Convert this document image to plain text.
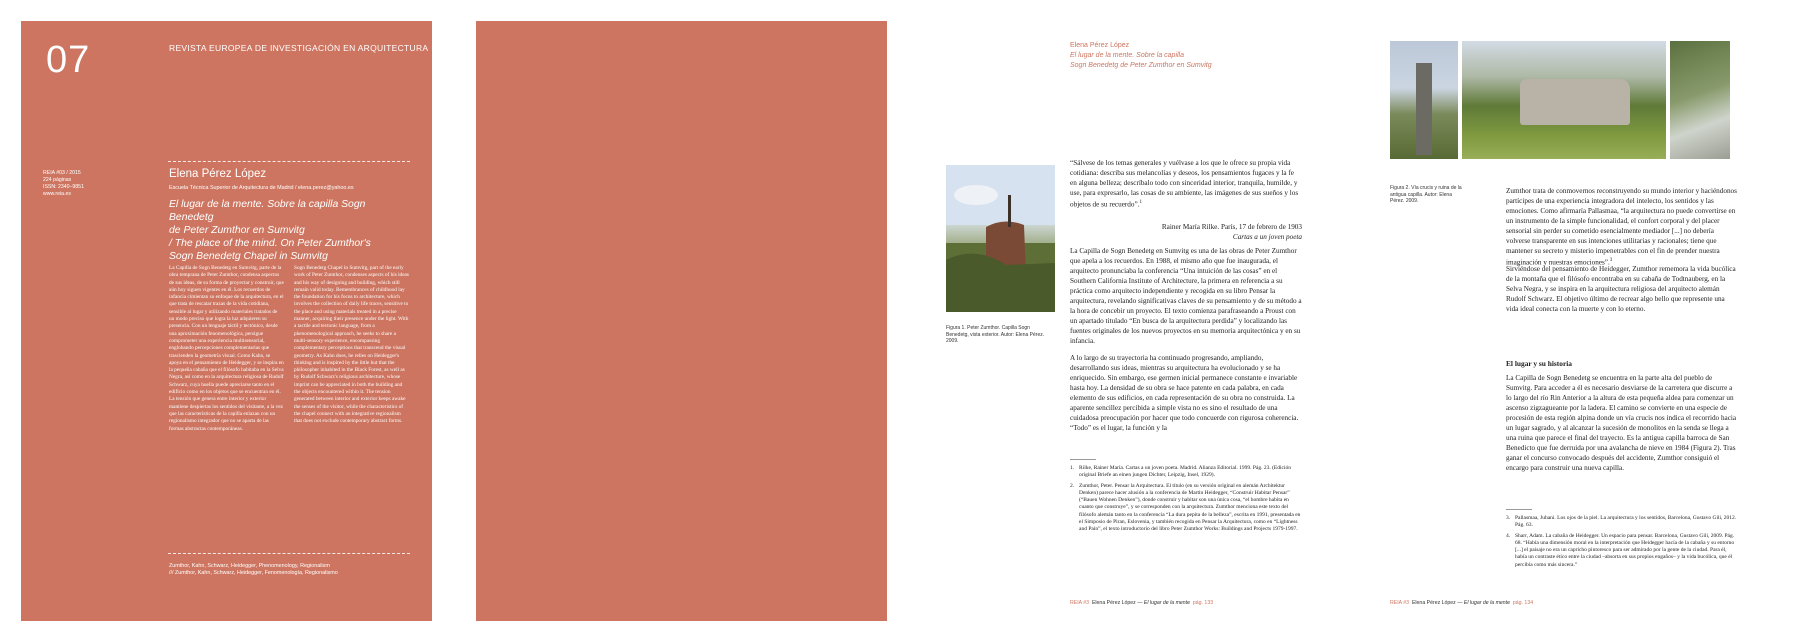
07	REVISTA EUROPEA DE INVESTIGACIÓN EN ARQUITECTURA
REIA #03 / 2015
224 páginas
ISSN: 2340–9851
www.reia.es
Elena Pérez López
Escuela Técnica Superior de Arquitectura de Madrid / elena.perez@yahoo.es
El lugar de la mente. Sobre la capilla Sogn Benedetg
de Peter Zumthor en Sumvitg
/ The place of the mind. On Peter Zumthor's
Sogn Benedetg Chapel in Sumvitg
La Capilla de Sogn Benedetg en Sumvitg, parte de la obra temprana de Peter Zumthor, condensa aspectos de sus ideas, de su forma de proyectar y construir, que aún hoy siguen vigentes en él. Los recuerdos de infancia cimientan su enfoque de la arquitectura, en el que trata de rescatar trazas de la vida cotidiana, sensible al lugar y utilizando materiales tratados de un modo preciso que logra la luz adquieren su presencia. Con un lenguaje táctil y tectónico, desde una aproximación fenomenológica, persigue comprometer una experiencia multisensorial, englobando percepciones complementarias que trascienden la geometría visual. Como Kahn, se apoya en el pensamiento de Heidegger, y se inspira en la pequeña cabaña que el filósofo habitaba en la Selva Negra, así como en la arquitectura religiosa de Rudolf Schwarz, cuya huella puede apreciarse tanto en el edificio como en los objetos que se encuentran en él. La tensión que genera entre interior y exterior mantiene despiertas los sentidos del visitante, a la vez que las características de la capilla enlazan con un regionalismo integrador que no se aparta de las formas abstractas contemporáneas.
Sogn Benedetg Chapel in Sumvitg, part of the early work of Peter Zumthor, condenses aspects of his ideas and his way of designing and building, which still remain valid today. Remembrances of childhood lay the foundation for his focus to architecture, which involves the collection of daily life traces, sensitive to the place and using materials treated in a precise manner, acquiring their presence under the light. With a tactile and tectonic language, from a phenomenological approach, he seeks to share a multi-sensory experience, encompassing complementary perceptions that transcend the visual geometry. As Kahn does, he relies on Heidegger's thinking and is inspired by the little hut that the philosopher inhabited in the Black Forest, as well as by Rudolf Schwarz's religious architecture, whose imprint can be appreciated in both the building and the objects encountered within it. The tension generated between interior and exterior keeps awake the senses of the visitor, while the characteristics of the chapel connect with an integrative regionalism that does not exclude contemporary abstract forms.
Zumthor, Kahn, Schwarz, Heidegger, Phenomenology, Regionalism
/// Zumthor, Kahn, Schwarz, Heidegger, Fenomenología, Regionalismo
Elena Pérez López
El lugar de la mente. Sobre la capilla
Sogn Benedetg de Peter Zumthor en Sumvitg
Figura 1. Peter Zumthor. Capilla Sogn Benedetg, vista exterior. Autor: Elena Pérez. 2009.
“Sálvese de los temas generales y vuélvase a los que le ofrece su propia vida cotidiana: describa sus melancolías y deseos, los pensamientos fugaces y la fe en alguna belleza; descríbalo todo con sinceridad interior, tranquila, humilde, y use, para expresarlo, las cosas de su ambiente, las imágenes de sus sueños y los objetos de su recuerdo”.$^1$
Rainer María Rilke. París, 17 de febrero de 1903
Cartas a un joven poeta
La Capilla de Sogn Benedetg en Sumvitg es una de las obras de Peter Zumthor que apela a los recuerdos. En 1988, el mismo año que fue inaugurada, el arquitecto pronunciaba la conferencia “Una intuición de las cosas” en el Southern California Institute of Architecture, la primera en referencia a su práctica como arquitecto independiente y recogida en su libro Pensar la arquitectura, revelando significativas claves de su pensamiento y de su método a la hora de concebir un proyecto. El texto comienza parafraseando a Proust con un apartado titulado “En busca de la arquitectura perdida” y localizando las fuentes originales de los nuevos proyectos en su memoria arquitectónica y en su infancia.
A lo largo de su trayectoria ha continuado progresando, ampliando, desarrollando sus ideas, mientras su arquitectura ha evolucionado y se ha enriquecido. Sin embargo, ese germen inicial permanece constante e invariable hasta hoy. La densidad de su obra se hace patente en cada palabra, en cada elemento de sus edificios, en cada representación de su obra no construida. La aparente sencillez percibida a simple vista no es sino el resultado de una cuidadosa preocupación por hacer que todo concuerde con rigurosa coherencia. “Todo” es el lugar, la función y la
1. Rilke, Rainer María. Cartas a un joven poeta. Madrid. Alianza Editorial. 1999. Pág. 23. (Edición original Briefe an einen jungen Dichter, Leipzig, Insel, 1929).
2. Zumthor, Peter. Pensar la Arquitectura. El título (en su versión original en alemán Architektur Denken) parece hacer alusión a la conferencia de Martin Heidegger, “Construir Habitar Pensar” (“Bauen Wohnen Denken”), donde construir y habitar son una única cosa, “el hombre habita en cuanto que construye”, y se corresponden con la arquitectura. Zumthor menciona este texto del filósofo alemán tanto en la conferencia “La dura pepita de la belleza”, escrita en 1991, presentada en el Simposio de Piran, Eslovenia, y también recogida en Pensar la Arquitectura, como en “Lightness and Pain”, el texto introductorio del libro Peter Zumthor Works: Buildings and Projects 1979-1997.
REIA #3 Elena Pérez López — El lugar de la mente pág. 133
Figura 2. Vía crucis y ruina de la antigua capilla. Autor: Elena Pérez. 2009.
Zumthor trata de conmovernos reconstruyendo su mundo interior y haciéndonos partícipes de una experiencia integradora del intelecto, los sentidos y las emociones. Como afirmaría Pallasmaa, “la arquitectura no puede convertirse en un instrumento de la simple funcionalidad, el confort corporal y del placer sensorial sin perder su cometido esencialmente mediador [...] no debería volverse transparente en sus intenciones utilitarias y racionales; tiene que mantener su secreto y misterio impenetrables con el fin de prender nuestra imaginación y nuestras emociones”.$^3$
Sirviéndose del pensamiento de Heidegger, Zumthor rememora la vida bucólica de la montaña que el filósofo encontraba en su cabaña de Todtnauberg, en la Selva Negra, y se inspira en la arquitectura religiosa del arquitecto alemán Rudolf Schwarz. El objetivo último de recrear algo bello que represente una vida ideal conecta con la muerte y con lo eterno.
El lugar y su historia
La Capilla de Sogn Benedetg se encuentra en la parte alta del pueblo de Sumvitg. Para acceder a él es necesario desviarse de la carretera que discurre a lo largo del río Rin Anterior a la altura de esta pequeña aldea para comenzar un ascenso zigzagueante por la ladera. El camino se convierte en una especie de procesión de esta región alpina donde un vía crucis nos indica el recorrido hacia un lugar sagrado, y al alcanzar la sucesión de monolitos en la senda se llega a una ruina que parece el final del trayecto. Es la antigua capilla barroca de San Benedicto que fue derruida por una avalancha de nieve en 1984 (Figura 2). Tras ganar el concurso convocado después del accidente, Zumthor consiguió el encargo para construir una nueva capilla.
3. Pallasmaa, Juhani. Los ojos de la piel. La arquitectura y los sentidos, Barcelona, Gustavo Gili, 2012. Pág. 63.
4. Sharr, Adam. La cabaña de Heidegger. Un espacio para pensar. Barcelona, Gustavo Gili, 2009. Pág. 68. “Había una dimensión moral en la interpretación que Heidegger hacía de la cabaña y su entorno [...] el paisaje no era un capricho pintoresco para ser admirado por la gente de la ciudad. Para él, había un contraste ético entre la ciudad –absorta en sus propios engaños– y la vida bucólica, que él percibía como más sincera.”
REIA #3 Elena Pérez López — El lugar de la mente pág. 134
